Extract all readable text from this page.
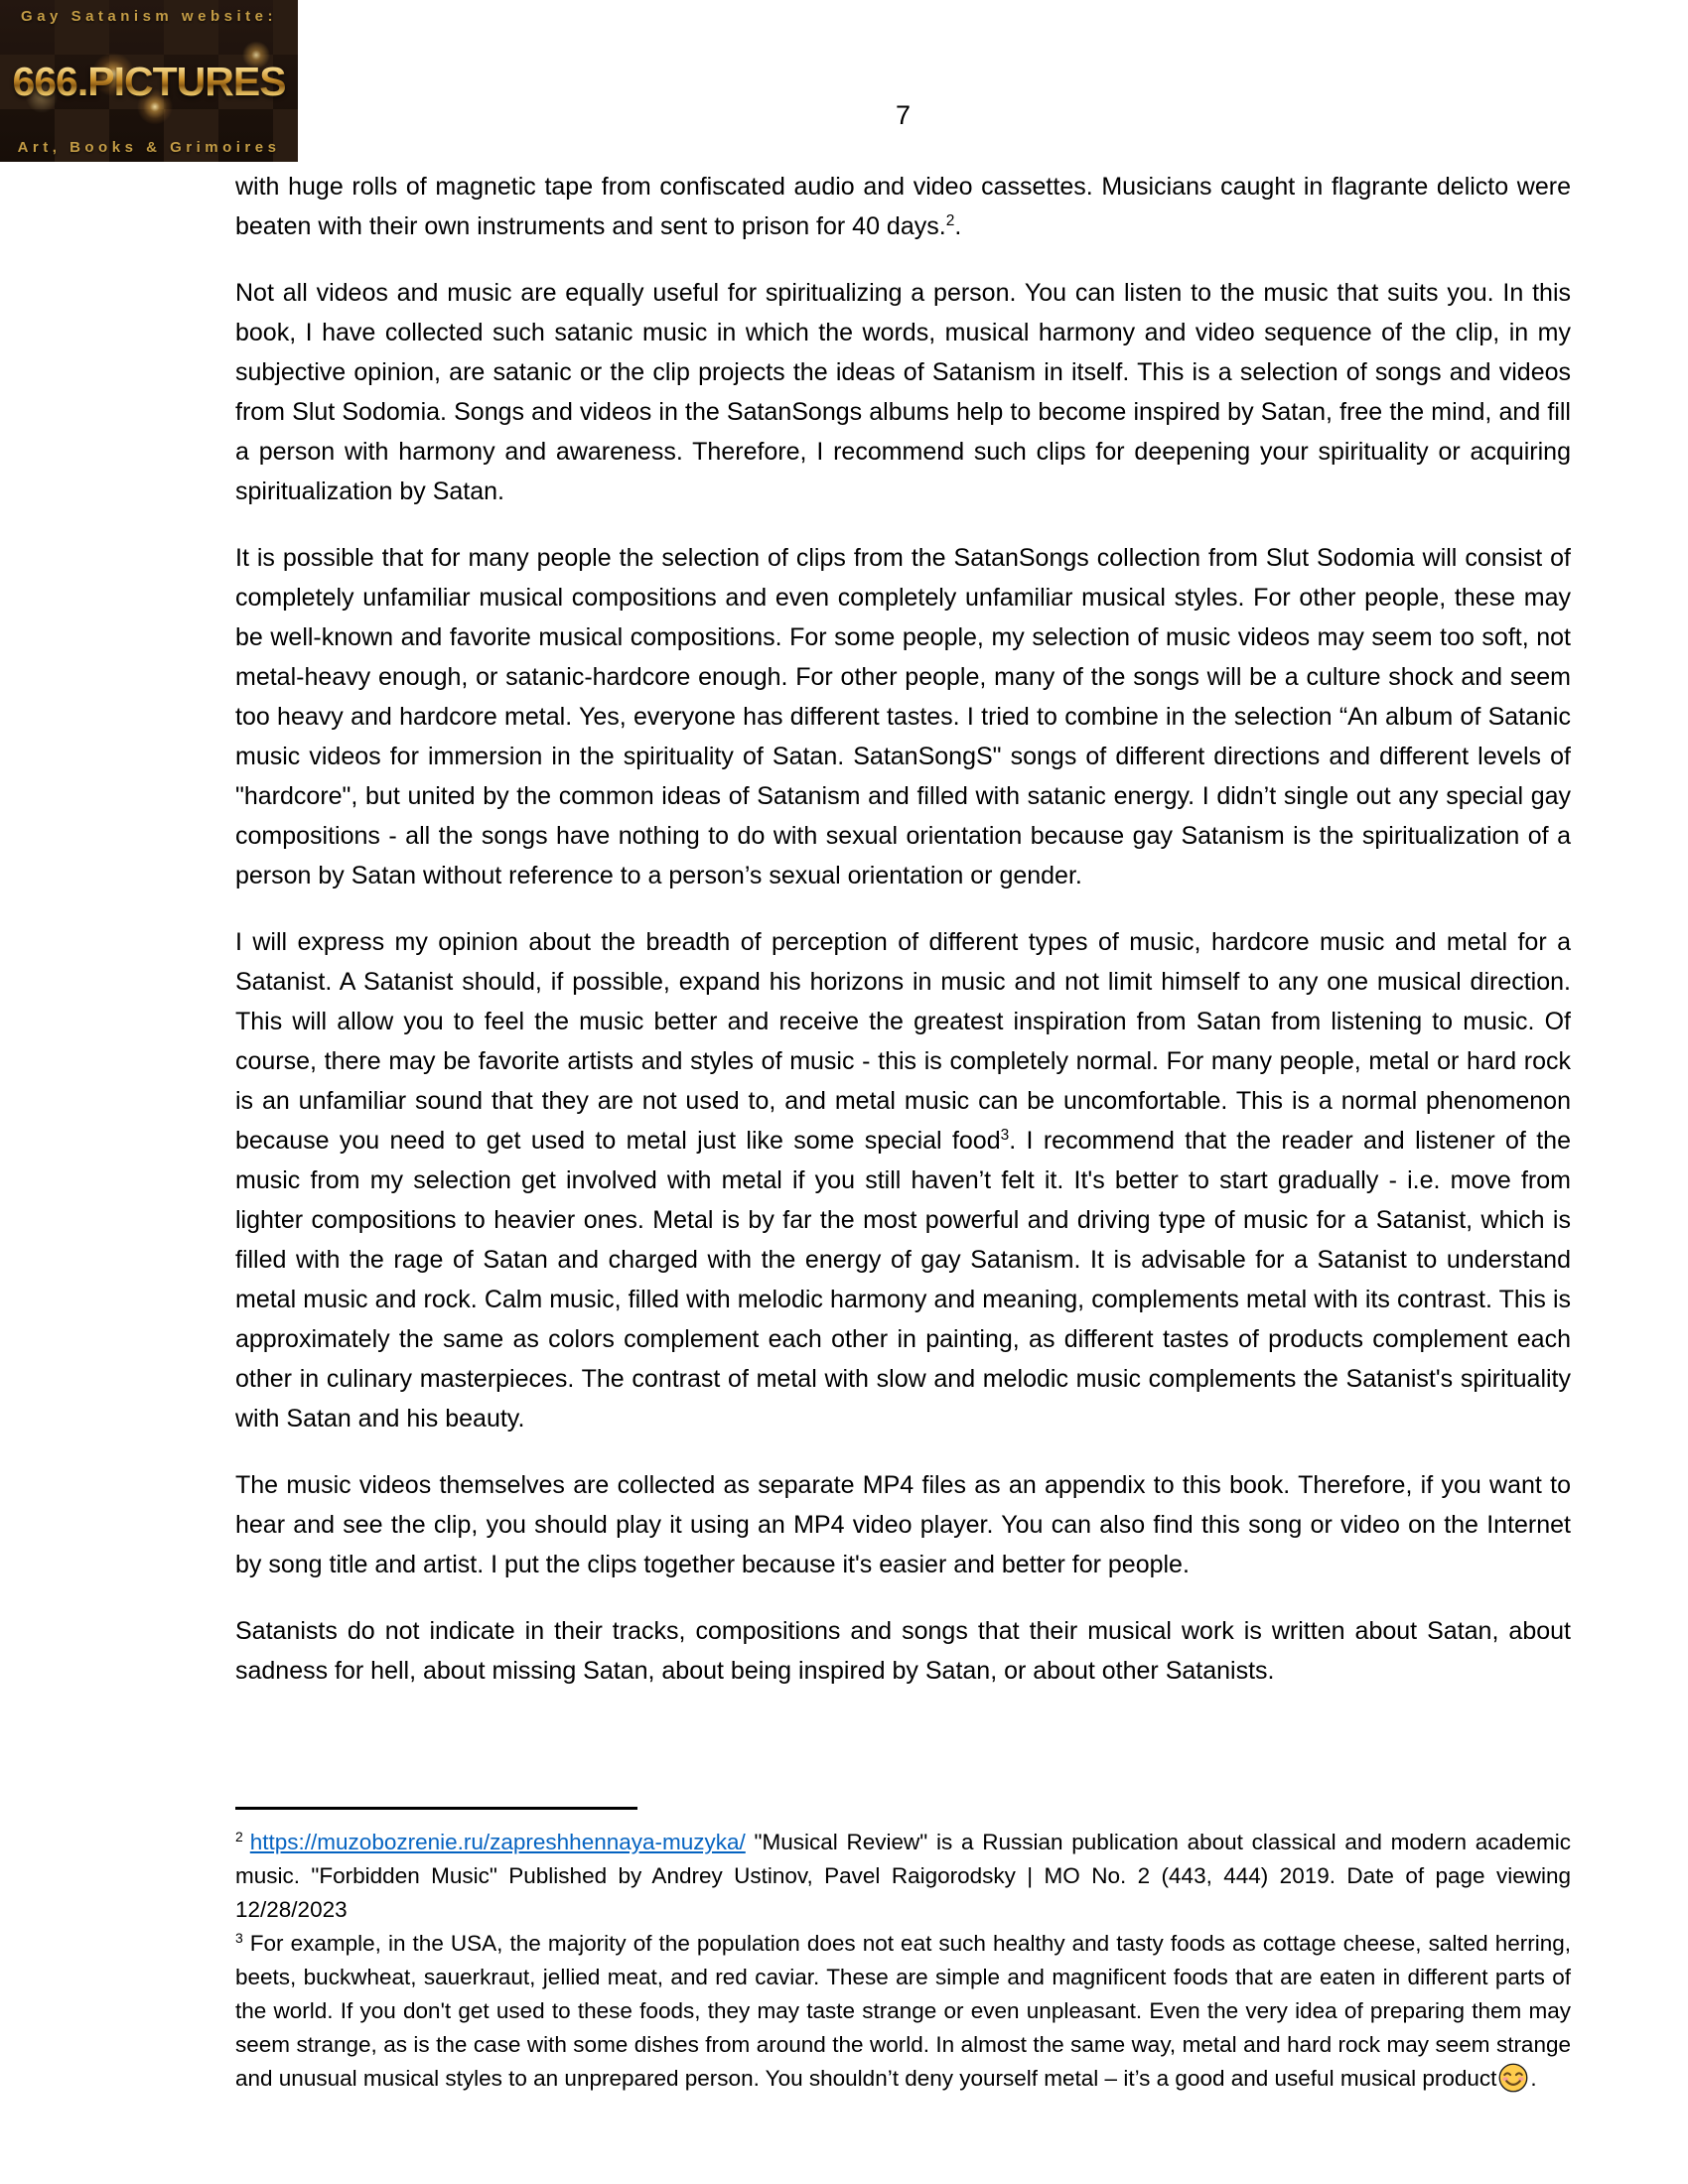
Gay Satanism website:
666.PICTURES
Art, Books & Grimoires
7

with huge rolls of magnetic tape from confiscated audio and video cassettes. Musicians caught in flagrante delicto were beaten with their own instruments and sent to prison for 40 days.$^2$.

Not all videos and music are equally useful for spiritualizing a person. You can listen to the music that suits you. In this book, I have collected such satanic music in which the words, musical harmony and video sequence of the clip, in my subjective opinion, are satanic or the clip projects the ideas of Satanism in itself. This is a selection of songs and videos from Slut Sodomia. Songs and videos in the SatanSongs albums help to become inspired by Satan, free the mind, and fill a person with harmony and awareness. Therefore, I recommend such clips for deepening your spirituality or acquiring spiritualization by Satan.

It is possible that for many people the selection of clips from the SatanSongs collection from Slut Sodomia will consist of completely unfamiliar musical compositions and even completely unfamiliar musical styles. For other people, these may be well-known and favorite musical compositions. For some people, my selection of music videos may seem too soft, not metal-heavy enough, or satanic-hardcore enough. For other people, many of the songs will be a culture shock and seem too heavy and hardcore metal. Yes, everyone has different tastes. I tried to combine in the selection “An album of Satanic music videos for immersion in the spirituality of Satan. SatanSongS" songs of different directions and different levels of "hardcore", but united by the common ideas of Satanism and filled with satanic energy. I didn’t single out any special gay compositions - all the songs have nothing to do with sexual orientation because gay Satanism is the spiritualization of a person by Satan without reference to a person’s sexual orientation or gender.

I will express my opinion about the breadth of perception of different types of music, hardcore music and metal for a Satanist. A Satanist should, if possible, expand his horizons in music and not limit himself to any one musical direction. This will allow you to feel the music better and receive the greatest inspiration from Satan from listening to music. Of course, there may be favorite artists and styles of music - this is completely normal. For many people, metal or hard rock is an unfamiliar sound that they are not used to, and metal music can be uncomfortable. This is a normal phenomenon because you need to get used to metal just like some special food$^3$. I recommend that the reader and listener of the music from my selection get involved with metal if you still haven’t felt it. It's better to start gradually - i.e. move from lighter compositions to heavier ones. Metal is by far the most powerful and driving type of music for a Satanist, which is filled with the rage of Satan and charged with the energy of gay Satanism. It is advisable for a Satanist to understand metal music and rock. Calm music, filled with melodic harmony and meaning, complements metal with its contrast. This is approximately the same as colors complement each other in painting, as different tastes of products complement each other in culinary masterpieces. The contrast of metal with slow and melodic music complements the Satanist's spirituality with Satan and his beauty.

The music videos themselves are collected as separate MP4 files as an appendix to this book. Therefore, if you want to hear and see the clip, you should play it using an MP4 video player. You can also find this song or video on the Internet by song title and artist. I put the clips together because it's easier and better for people.

Satanists do not indicate in their tracks, compositions and songs that their musical work is written about Satan, about sadness for hell, about missing Satan, about being inspired by Satan, or about other Satanists.

$^2$ https://muzobozrenie.ru/zapreshhennaya-muzyka/ "Musical Review" is a Russian publication about classical and modern academic music. "Forbidden Music" Published by Andrey Ustinov, Pavel Raigorodsky | MO No. 2 (443, 444) 2019. Date of page viewing 12/28/2023

$^3$ For example, in the USA, the majority of the population does not eat such healthy and tasty foods as cottage cheese, salted herring, beets, buckwheat, sauerkraut, jellied meat, and red caviar. These are simple and magnificent foods that are eaten in different parts of the world. If you don't get used to these foods, they may taste strange or even unpleasant. Even the very idea of preparing them may seem strange, as is the case with some dishes from around the world. In almost the same way, metal and hard rock may seem strange and unusual musical styles to an unprepared person. You shouldn’t deny yourself metal – it’s a good and useful musical product .
